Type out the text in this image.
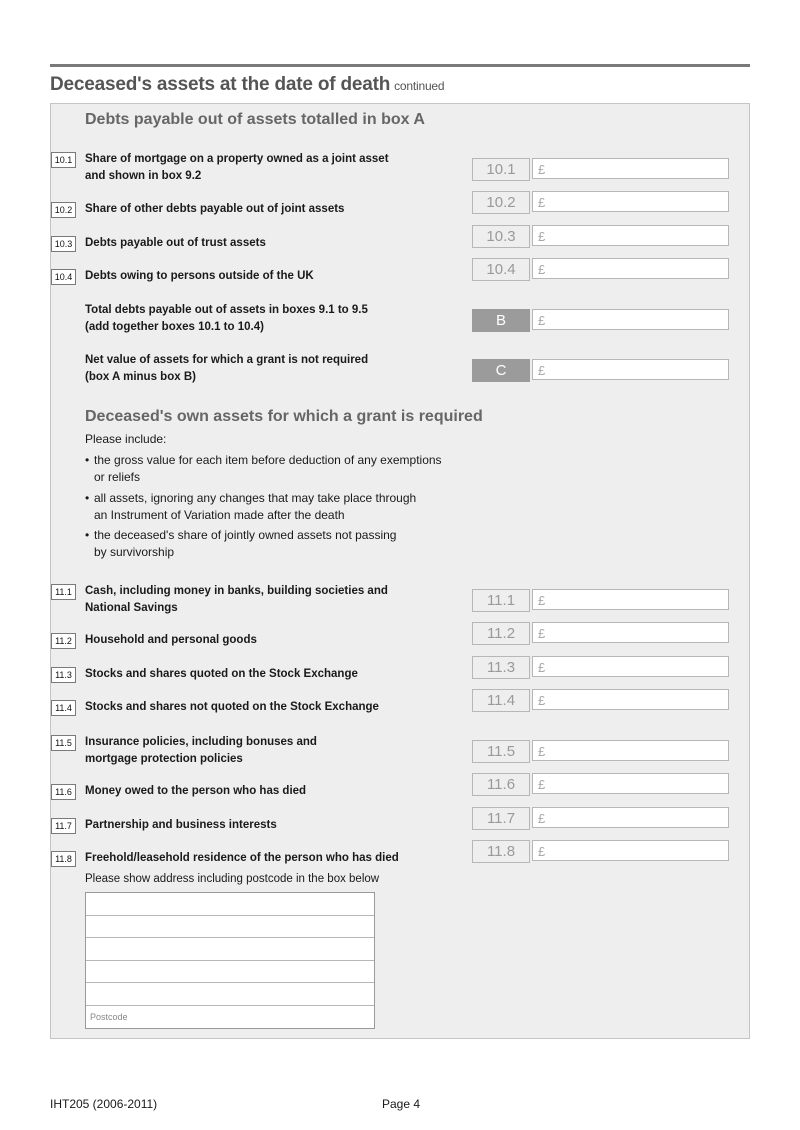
Deceased's assets at the date of death continued
Debts payable out of assets totalled in box A
10.1	Share of mortgage on a property owned as a joint asset
and shown in box 9.2	10.1	£
10.2	Share of other debts payable out of joint assets	10.2	£
10.3	Debts payable out of trust assets	10.3	£
10.4	Debts owing to persons outside of the UK	10.4	£
Total debts payable out of assets in boxes 9.1 to 9.5
(add together boxes 10.1 to 10.4)	B	£
Net value of assets for which a grant is not required
(box A minus box B)	C	£
Deceased's own assets for which a grant is required
Please include:
• the gross value for each item before deduction of any exemptions
or reliefs
• all assets, ignoring any changes that may take place through
an Instrument of Variation made after the death
• the deceased's share of jointly owned assets not passing
by survivorship
11.1	Cash, including money in banks, building societies and
National Savings	11.1	£
11.2	Household and personal goods	11.2	£
11.3	Stocks and shares quoted on the Stock Exchange	11.3	£
11.4	Stocks and shares not quoted on the Stock Exchange	11.4	£
11.5	Insurance policies, including bonuses and
mortgage protection policies	11.5	£
11.6	Money owed to the person who has died	11.6	£
11.7	Partnership and business interests	11.7	£
11.8	Freehold/leasehold residence of the person who has died	11.8	£
Please show address including postcode in the box below
Postcode
IHT205 (2006-2011)	Page 4
